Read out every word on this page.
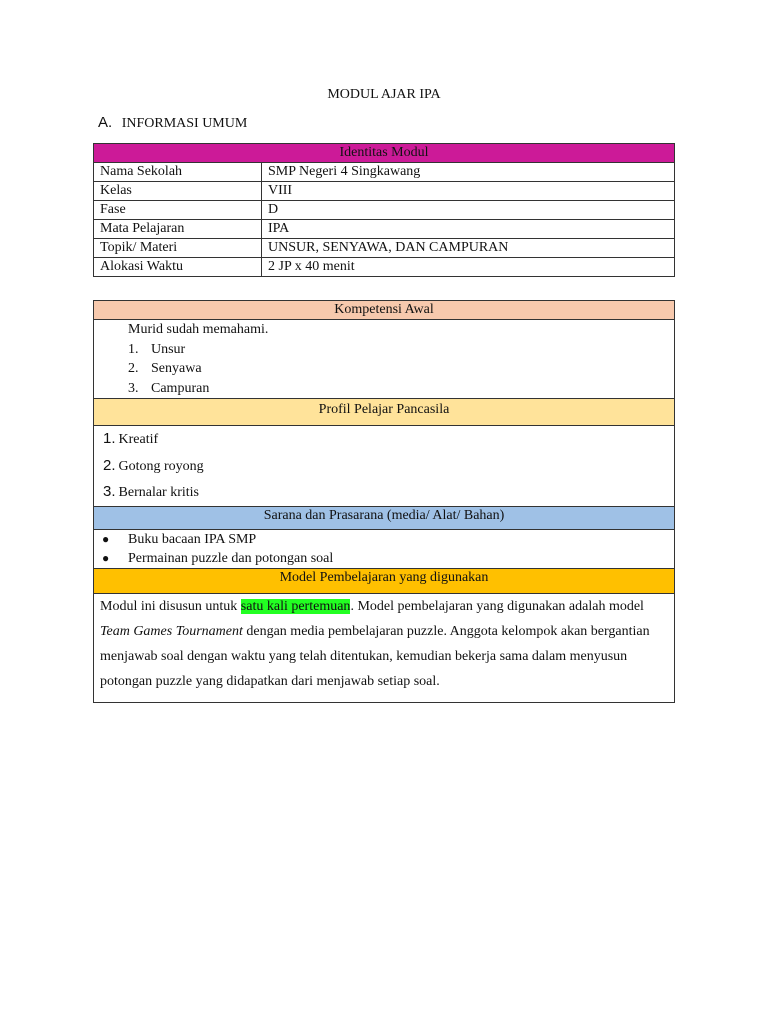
MODUL AJAR IPA
A. INFORMASI UMUM
Identitas Modul	
Nama Sekolah	SMP Negeri 4 Singkawang
Kelas	VIII
Fase	D
Mata Pelajaran	IPA
Topik/ Materi	UNSUR, SENYAWA, DAN CAMPURAN
Alokasi Waktu	2 JP x 40 menit
Kompetensi Awal

Murid sudah memahami.
1. Unsur
2. Senyawa
3. Campuran

Profil Pelajar Pancasila

1. Kreatif
2. Gotong royong
3. Bernalar kritis

Sarana dan Prasarana (media/ Alat/ Bahan)

● Buku bacaan IPA SMP
● Permainan puzzle dan potongan soal

Model Pembelajaran yang digunakan
Modul ini disusun untuk satu kali pertemuan. Model pembelajaran yang digunakan adalah model Team Games Tournament dengan media pembelajaran puzzle. Anggota kelompok akan bergantian menjawab soal dengan waktu yang telah ditentukan, kemudian bekerja sama dalam menyusun potongan puzzle yang didapatkan dari menjawab setiap soal.
